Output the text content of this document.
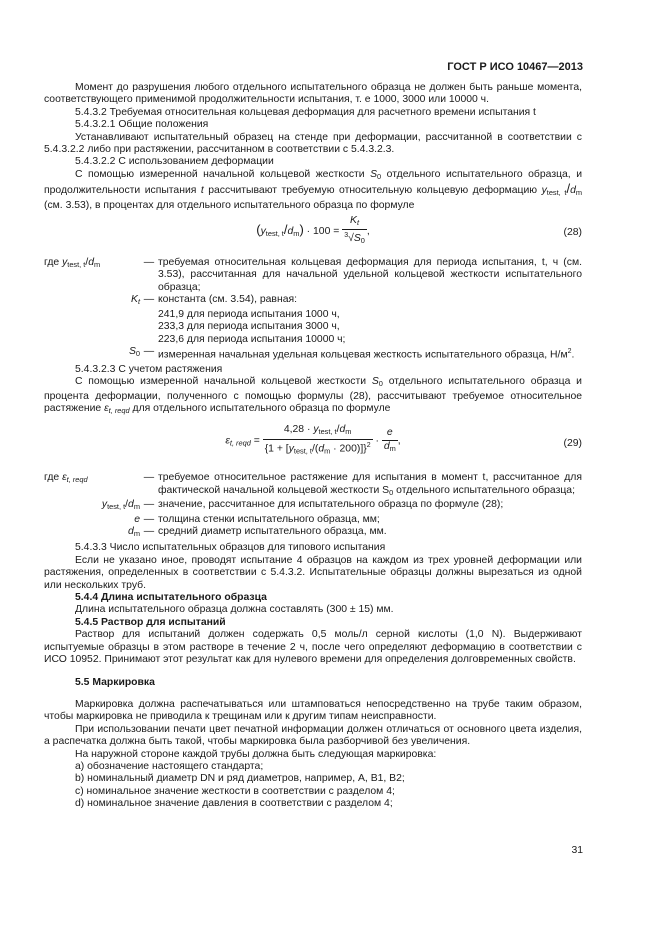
ГОСТ Р ИСО 10467—2013

Момент до разрушения любого отдельного испытательного образца не должен быть раньше момента, соответствующего применимой продолжительности испытания, т. е 1000, 3000 или 10000 ч.

5.4.3.2 Требуемая относительная кольцевая деформация для расчетного времени испытания t

5.4.3.2.1 Общие положения

Устанавливают испытательный образец на стенде при деформации, рассчитанной в соответствии с 5.4.3.2.2 либо при растяжении, рассчитанном в соответствии с 5.4.3.2.3.

5.4.3.2.2 С использованием деформации

С помощью измеренной начальной кольцевой жесткости $S_0$ отдельного испытательного образца, и продолжительности испытания t рассчитывают требуемую относительную кольцевую деформацию $y_{test, t}/d_m$ (см. 3.53), в процентах для отдельного испытательного образца по формуле

$(y_{test, t}/d_m) \cdot 100 = \frac{K_t}{^3√S_0}$ ,	(28)
где $y_{test, t}/d_m$	— требуемая относительная кольцевая деформация для периода испытания, t, ч (см. 3.53), рассчитанная для начальной удельной кольцевой жесткости испытательного образца;
$K_t$ — константа (см. 3.54), равная:
241,9 для периода испытания 1000 ч,
233,3 для периода испытания 3000 ч,
223,6 для периода испытания 10000 ч;
$S_0$ — измеренная начальная удельная кольцевая жесткость испытательного образца, $Н/м^2$.

5.4.3.2.3 С учетом растяжения

С помощью измеренной начальной кольцевой жесткости $S_0$ отдельного испытательного образца и процента деформации, полученного с помощью формулы (28), рассчитывают требуемое относительное растяжение $\varepsilon_{t, reqd}$ для отдельного испытательного образца по формуле

$\varepsilon_{t, reqd} = \frac{4,28 \cdot y_{test, t}/d_m}{\{1 + [y_{test, t}/(d_m \cdot 200)]\}^2} \cdot \frac{e}{d_m}$ ,	(29)
где $\varepsilon_{t, reqd}$	— требуемое относительное растяжение для испытания в момент t, рассчитанное для фактической начальной кольцевой жесткости $S_0$ отдельного испытательного образца;
$y_{test, t}/d_m$ — значение, рассчитанное для испытательного образца по формуле (28);
e — толщина стенки испытательного образца, мм;
$d_m$ — средний диаметр испытательного образца, мм.

5.4.3.3 Число испытательных образцов для типового испытания

Если не указано иное, проводят испытание 4 образцов на каждом из трех уровней деформации или растяжения, определенных в соответствии с 5.4.3.2. Испытательные образцы должны вырезаться из одной или нескольких труб.

5.4.4 Длина испытательного образца

Длина испытательного образца должна составлять (300 ± 15) мм.

5.4.5 Раствор для испытаний

Раствор для испытаний должен содержать 0,5 моль/л серной кислоты (1,0 N). Выдерживают испытуемые образцы в этом растворе в течение 2 ч, после чего определяют деформацию в соответствии с ИСО 10952. Принимают этот результат как для нулевого времени для определения долговременных свойств.

5.5 Маркировка

Маркировка должна распечатываться или штамповаться непосредственно на трубе таким образом, чтобы маркировка не приводила к трещинам или к другим типам неисправности.

При использовании печати цвет печатной информации должен отличаться от основного цвета изделия, а распечатка должна быть такой, чтобы маркировка была разборчивой без увеличения.

На наружной стороне каждой трубы должна быть следующая маркировка:

а) обозначение настоящего стандарта;

b) номинальный диаметр DN и ряд диаметров, например, A, B1, B2;

c) номинальное значение жесткости в соответствии с разделом 4;

d) номинальное значение давления в соответствии с разделом 4;

31
